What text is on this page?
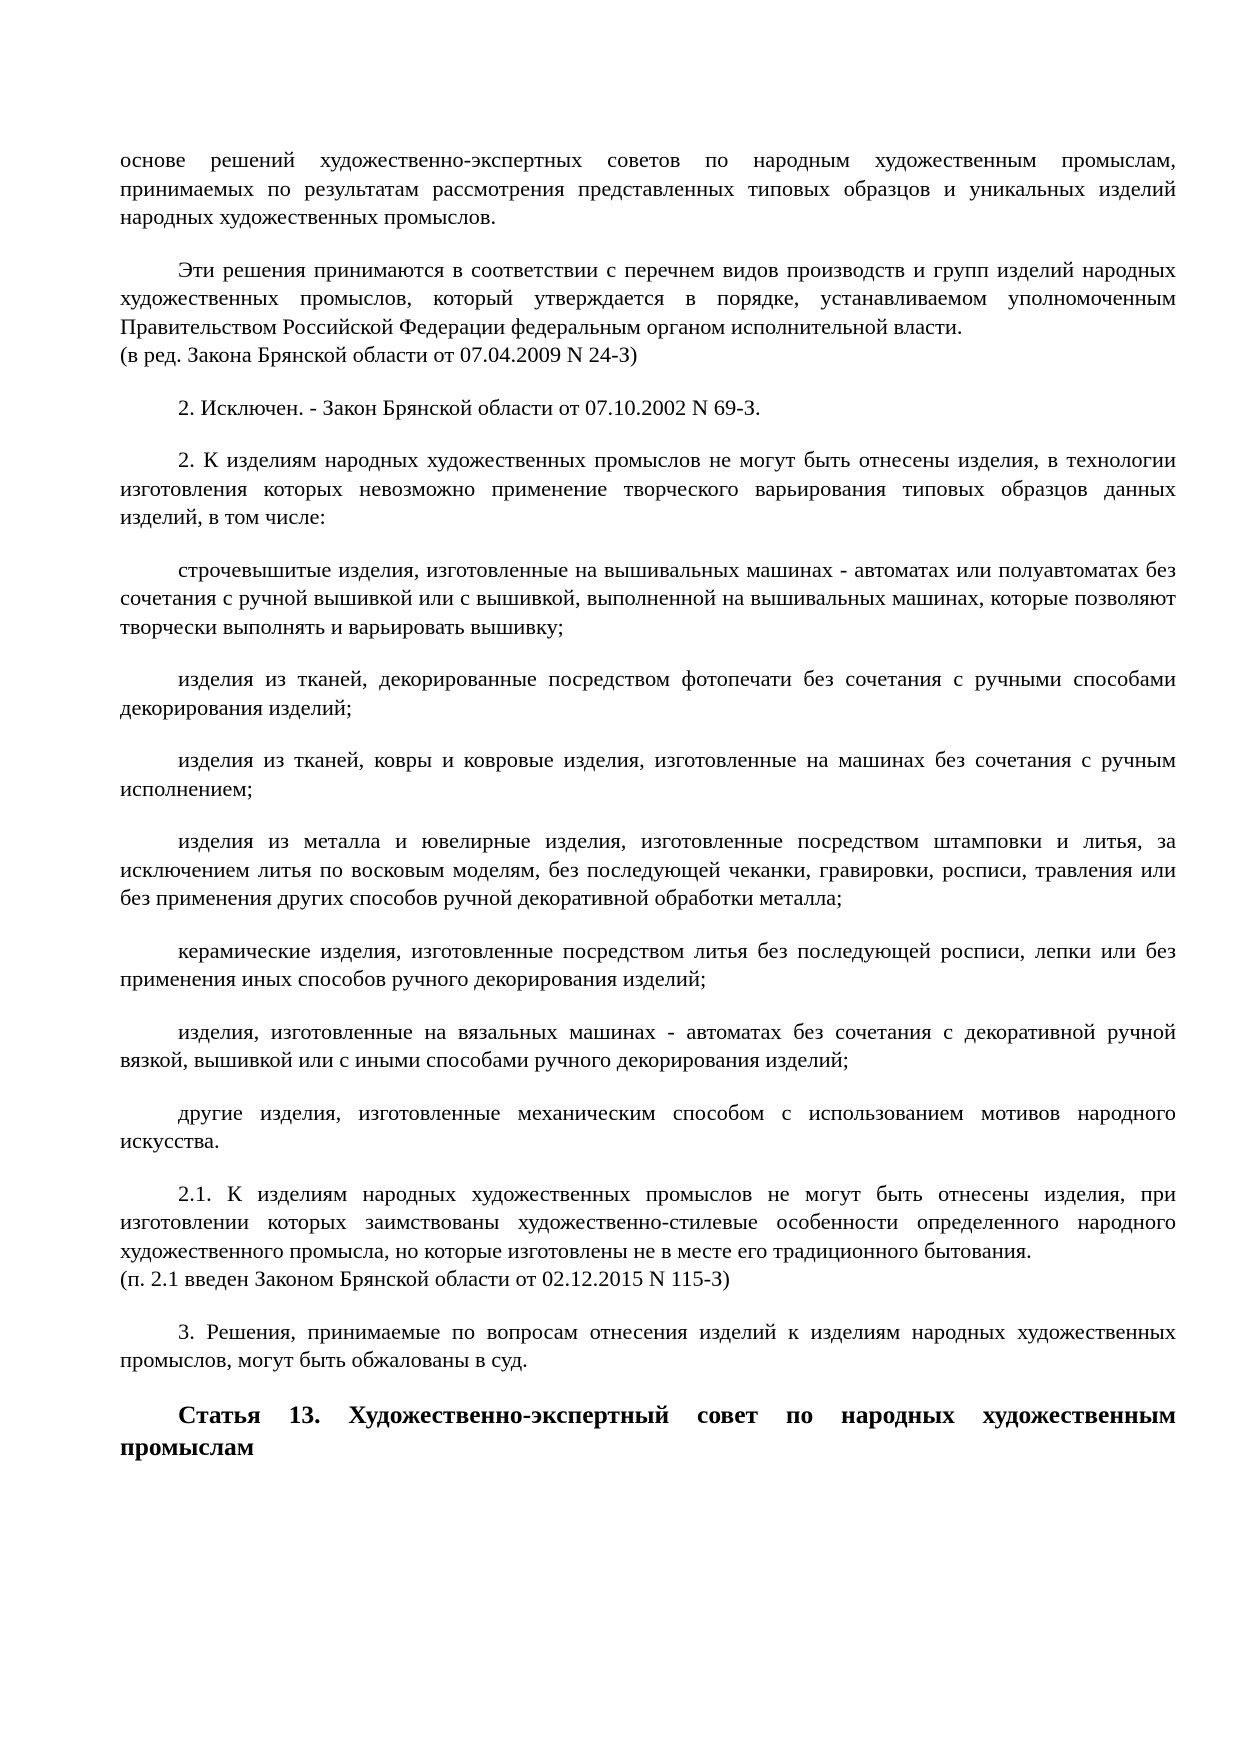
основе решений художественно-экспертных советов по народным художественным промыслам, принимаемых по результатам рассмотрения представленных типовых образцов и уникальных изделий народных художественных промыслов.

Эти решения принимаются в соответствии с перечнем видов производств и групп изделий народных художественных промыслов, который утверждается в порядке, устанавливаемом уполномоченным Правительством Российской Федерации федеральным органом исполнительной власти.

(в ред. Закона Брянской области от 07.04.2009 N 24-З)

2. Исключен. - Закон Брянской области от 07.10.2002 N 69-З.

2. К изделиям народных художественных промыслов не могут быть отнесены изделия, в технологии изготовления которых невозможно применение творческого варьирования типовых образцов данных изделий, в том числе:

строчевышитые изделия, изготовленные на вышивальных машинах - автоматах или полуавтоматах без сочетания с ручной вышивкой или с вышивкой, выполненной на вышивальных машинах, которые позволяют творчески выполнять и варьировать вышивку;

изделия из тканей, декорированные посредством фотопечати без сочетания с ручными способами декорирования изделий;

изделия из тканей, ковры и ковровые изделия, изготовленные на машинах без сочетания с ручным исполнением;

изделия из металла и ювелирные изделия, изготовленные посредством штамповки и литья, за исключением литья по восковым моделям, без последующей чеканки, гравировки, росписи, травления или без применения других способов ручной декоративной обработки металла;

керамические изделия, изготовленные посредством литья без последующей росписи, лепки или без применения иных способов ручного декорирования изделий;

изделия, изготовленные на вязальных машинах - автоматах без сочетания с декоративной ручной вязкой, вышивкой или с иными способами ручного декорирования изделий;

другие изделия, изготовленные механическим способом с использованием мотивов народного искусства.

2.1. К изделиям народных художественных промыслов не могут быть отнесены изделия, при изготовлении которых заимствованы художественно-стилевые особенности определенного народного художественного промысла, но которые изготовлены не в месте его традиционного бытования.

(п. 2.1 введен Законом Брянской области от 02.12.2015 N 115-З)

3. Решения, принимаемые по вопросам отнесения изделий к изделиям народных художественных промыслов, могут быть обжалованы в суд.

Статья 13. Художественно-экспертный совет по народных художественным промыслам
